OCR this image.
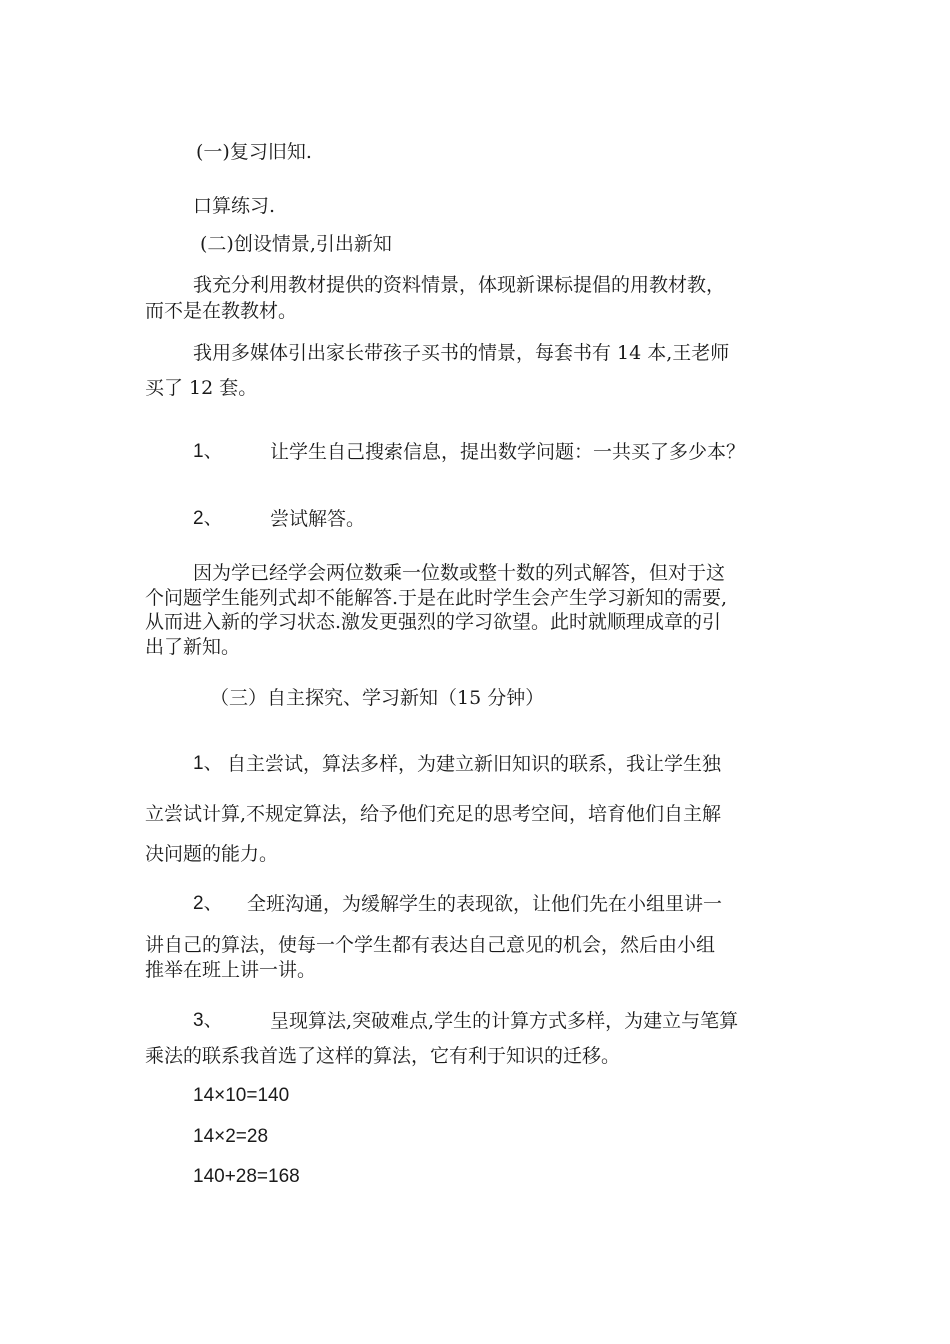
(一)复习旧知.
口算练习.
(二)创设情景,引出新知
我充分利用教材提供的资料情景，体现新课标提倡的用教材教，
而不是在教教材。
我用多媒体引出家长带孩子买书的情景，每套书有 14 本,王老师
买了 12 套。
1、 让学生自己搜索信息，提出数学问题：一共买了多少本？
2、 尝试解答。
因为学已经学会两位数乘一位数或整十数的列式解答，但对于这
个问题学生能列式却不能解答.于是在此时学生会产生学习新知的需要,
从而进入新的学习状态.激发更强烈的学习欲望。此时就顺理成章的引
出了新知。
（三）自主探究、学习新知（15 分钟）
1、 自主尝试，算法多样，为建立新旧知识的联系，我让学生独
立尝试计算,不规定算法，给予他们充足的思考空间，培育他们自主解
决问题的能力。
2、 全班沟通，为缓解学生的表现欲，让他们先在小组里讲一
讲自己的算法，使每一个学生都有表达自己意见的机会，然后由小组
推举在班上讲一讲。
3、 呈现算法,突破难点,学生的计算方式多样，为建立与笔算
乘法的联系我首选了这样的算法，它有利于知识的迁移。
14×10=140
14×2=28
140+28=168
